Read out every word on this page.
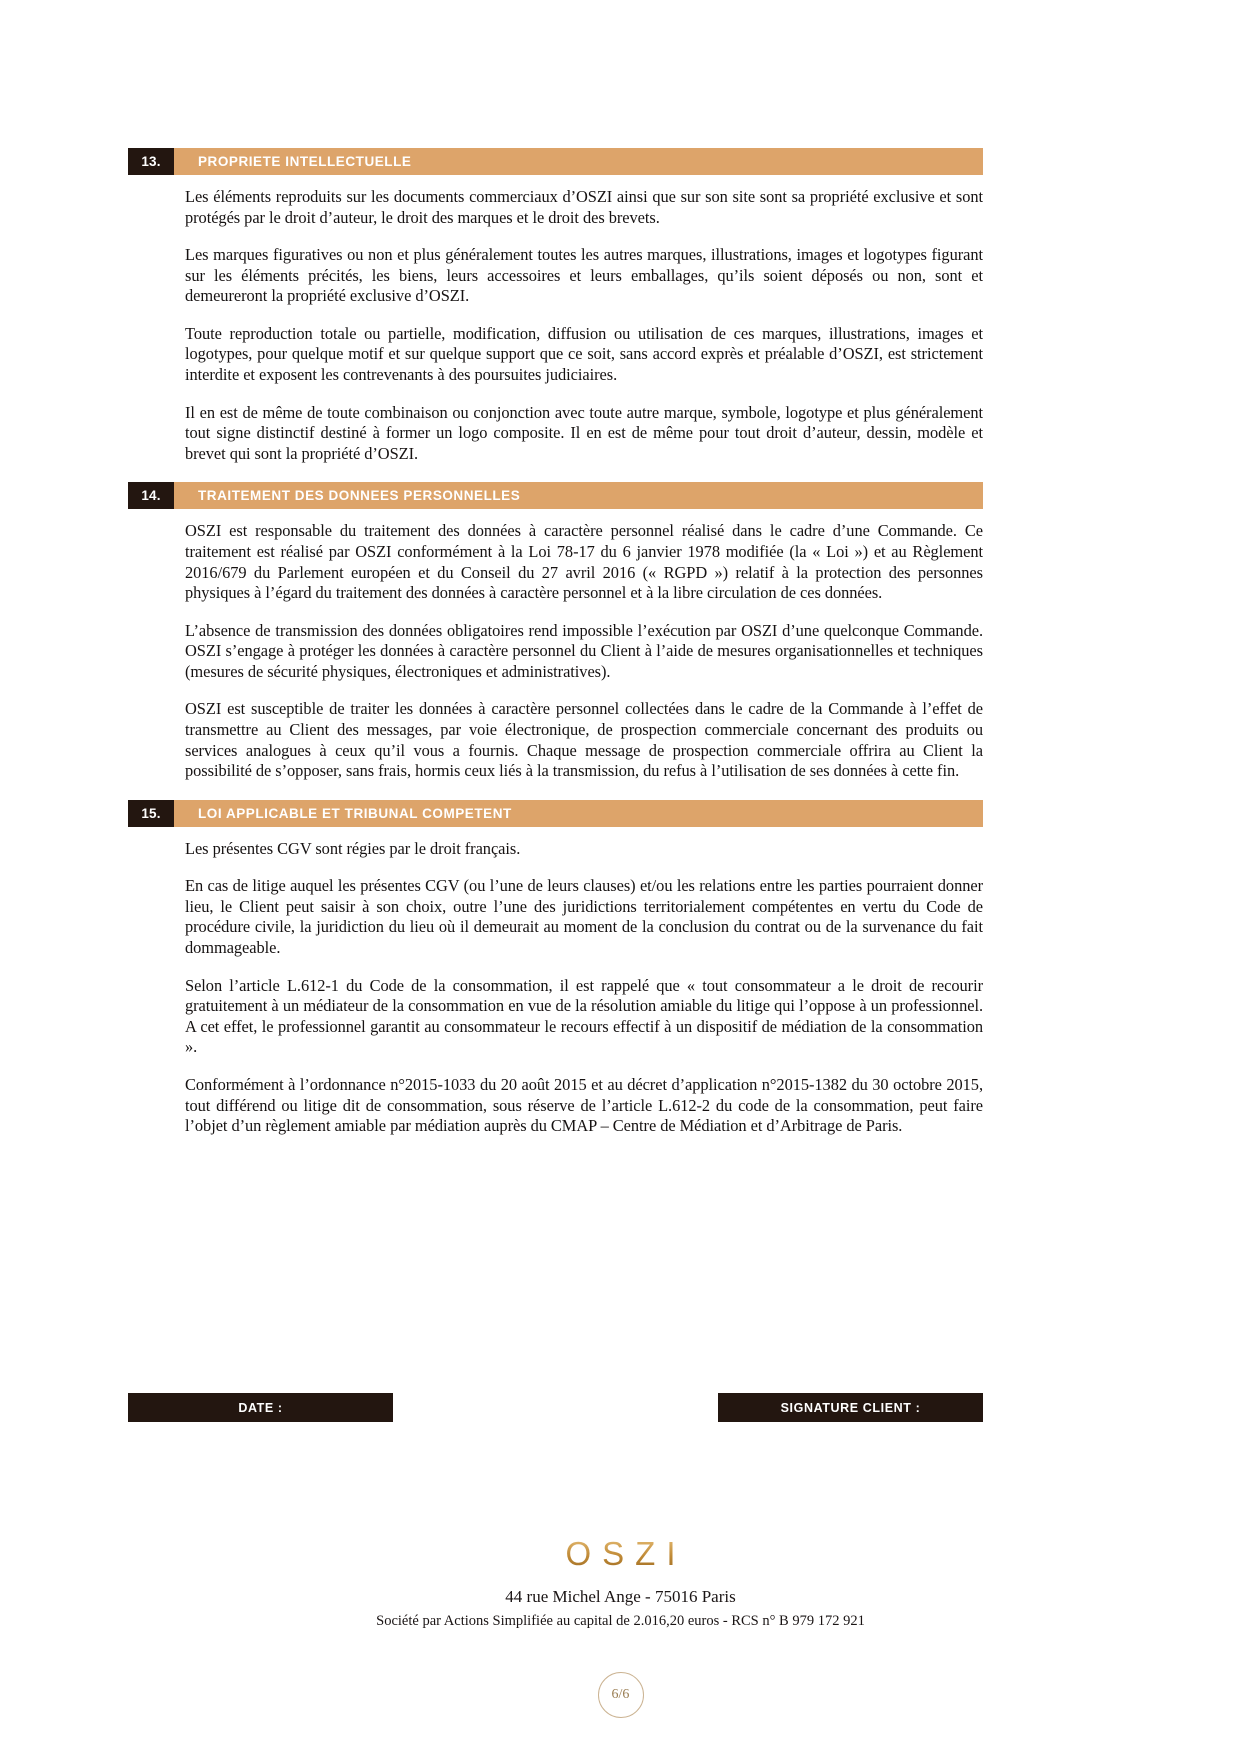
13.	PROPRIETE INTELLECTUELLE

Les éléments reproduits sur les documents commerciaux d’OSZI ainsi que sur son site sont sa propriété exclusive et sont protégés par le droit d’auteur, le droit des marques et le droit des brevets.

Les marques figuratives ou non et plus généralement toutes les autres marques, illustrations, images et logotypes figurant sur les éléments précités, les biens, leurs accessoires et leurs emballages, qu’ils soient déposés ou non, sont et demeureront la propriété exclusive d’OSZI.

Toute reproduction totale ou partielle, modification, diffusion ou utilisation de ces marques, illustrations, images et logotypes, pour quelque motif et sur quelque support que ce soit, sans accord exprès et préalable d’OSZI, est strictement interdite et exposent les contrevenants à des poursuites judiciaires.

Il en est de même de toute combinaison ou conjonction avec toute autre marque, symbole, logotype et plus généralement tout signe distinctif destiné à former un logo composite. Il en est de même pour tout droit d’auteur, dessin, modèle et brevet qui sont la propriété d’OSZI.

14.	TRAITEMENT DES DONNEES PERSONNELLES

OSZI est responsable du traitement des données à caractère personnel réalisé dans le cadre d’une Commande. Ce traitement est réalisé par OSZI conformément à la Loi 78-17 du 6 janvier 1978 modifiée (la « Loi ») et au Règlement 2016/679 du Parlement européen et du Conseil du 27 avril 2016 (« RGPD ») relatif à la protection des personnes physiques à l’égard du traitement des données à caractère personnel et à la libre circulation de ces données.

L’absence de transmission des données obligatoires rend impossible l’exécution par OSZI d’une quelconque Commande. OSZI s’engage à protéger les données à caractère personnel du Client à l’aide de mesures organisationnelles et techniques (mesures de sécurité physiques, électroniques et administratives).

OSZI est susceptible de traiter les données à caractère personnel collectées dans le cadre de la Commande à l’effet de transmettre au Client des messages, par voie électronique, de prospection commerciale concernant des produits ou services analogues à ceux qu’il vous a fournis. Chaque message de prospection commerciale offrira au Client la possibilité de s’opposer, sans frais, hormis ceux liés à la transmission, du refus à l’utilisation de ses données à cette fin.

15.	LOI APPLICABLE ET TRIBUNAL COMPETENT

Les présentes CGV sont régies par le droit français.

En cas de litige auquel les présentes CGV (ou l’une de leurs clauses) et/ou les relations entre les parties pourraient donner lieu, le Client peut saisir à son choix, outre l’une des juridictions territorialement compétentes en vertu du Code de procédure civile, la juridiction du lieu où il demeurait au moment de la conclusion du contrat ou de la survenance du fait dommageable.

Selon l’article L.612-1 du Code de la consommation, il est rappelé que « tout consommateur a le droit de recourir gratuitement à un médiateur de la consommation en vue de la résolution amiable du litige qui l’oppose à un professionnel. A cet effet, le professionnel garantit au consommateur le recours effectif à un dispositif de médiation de la consommation ».

Conformément à l’ordonnance n°2015-1033 du 20 août 2015 et au décret d’application n°2015-1382 du 30 octobre 2015, tout différend ou litige dit de consommation, sous réserve de l’article L.612-2 du code de la consommation, peut faire l’objet d’un règlement amiable par médiation auprès du CMAP – Centre de Médiation et d’Arbitrage de Paris.

DATE :	SIGNATURE CLIENT :
OSZI
44 rue Michel Ange - 75016 Paris
Société par Actions Simplifiée au capital de 2.016,20 euros - RCS n° B 979 172 921
6/6
